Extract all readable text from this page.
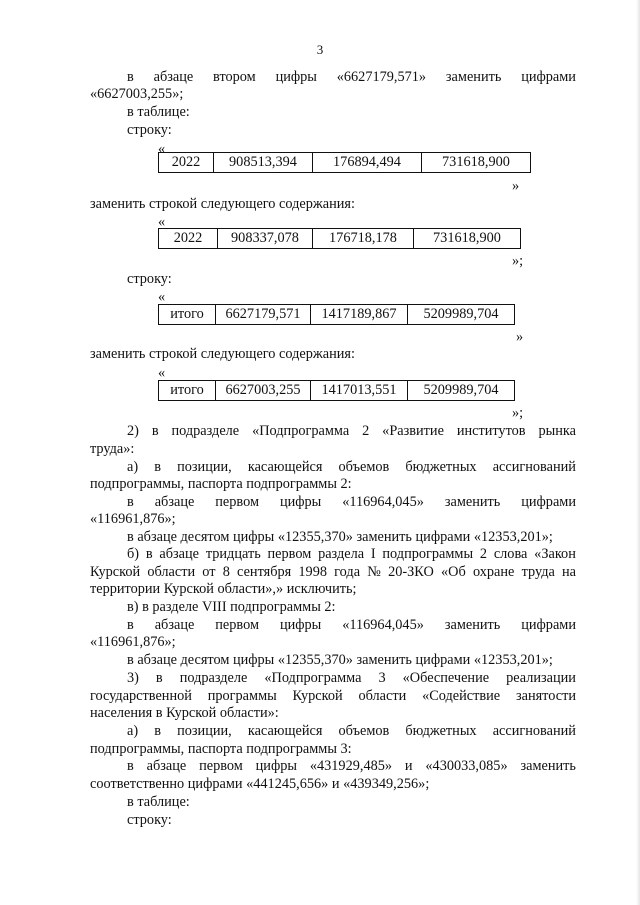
3
в абзаце втором цифры «6627179,571» заменить цифрами
«6627003,255»;
в таблице:
строку:
«
2022	908513,394	176894,494	731618,900
»
заменить строкой следующего содержания:
«
2022	908337,078	176718,178	731618,900
»;
строку:
«
итого	6627179,571	1417189,867	5209989,704
»
заменить строкой следующего содержания:
«
итого	6627003,255	1417013,551	5209989,704
»;
2) в подразделе «Подпрограмма 2 «Развитие институтов рынка
труда»:
а) в позиции, касающейся объемов бюджетных ассигнований
подпрограммы, паспорта подпрограммы 2:
в абзаце первом цифры «116964,045» заменить цифрами
«116961,876»;
в абзаце десятом цифры «12355,370» заменить цифрами «12353,201»;
б) в абзаце тридцать первом раздела I подпрограммы 2 слова «Закон
Курской области от 8 сентября 1998 года № 20-ЗКО «Об охране труда на
территории Курской области»,» исключить;
в) в разделе VIII подпрограммы 2:
в абзаце первом цифры «116964,045» заменить цифрами
«116961,876»;
в абзаце десятом цифры «12355,370» заменить цифрами «12353,201»;
3) в подразделе «Подпрограмма 3 «Обеспечение реализации
государственной программы Курской области «Содействие занятости
населения в Курской области»:
а) в позиции, касающейся объемов бюджетных ассигнований
подпрограммы, паспорта подпрограммы 3:
в абзаце первом цифры «431929,485» и «430033,085» заменить
соответственно цифрами «441245,656» и «439349,256»;
в таблице:
строку:
